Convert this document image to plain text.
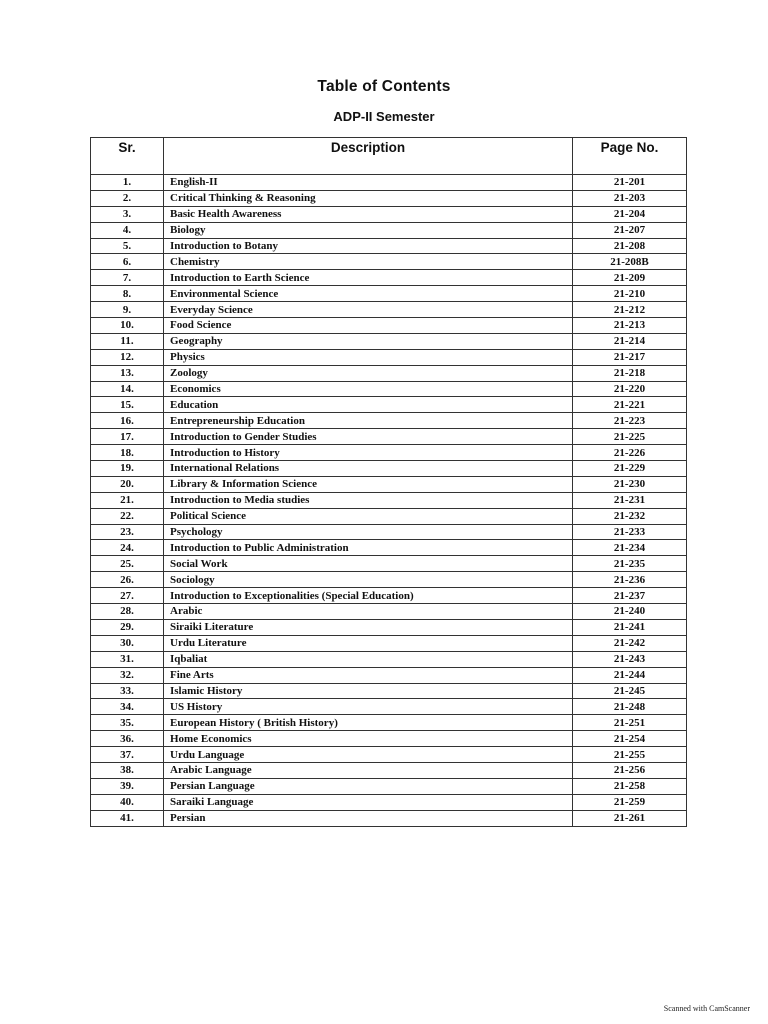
Table of Contents
ADP-II Semester
Sr.	Description	Page No.
1.	English-II	21-201
2.	Critical Thinking & Reasoning	21-203
3.	Basic Health Awareness	21-204
4.	Biology	21-207
5.	Introduction to Botany	21-208
6.	Chemistry	21-208B
7.	Introduction to Earth Science	21-209
8.	Environmental Science	21-210
9.	Everyday Science	21-212
10.	Food Science	21-213
11.	Geography	21-214
12.	Physics	21-217
13.	Zoology	21-218
14.	Economics	21-220
15.	Education	21-221
16.	Entrepreneurship Education	21-223
17.	Introduction to Gender Studies	21-225
18.	Introduction to History	21-226
19.	International Relations	21-229
20.	Library & Information Science	21-230
21.	Introduction to Media studies	21-231
22.	Political Science	21-232
23.	Psychology	21-233
24.	Introduction to Public Administration	21-234
25.	Social Work	21-235
26.	Sociology	21-236
27.	Introduction to Exceptionalities (Special Education)	21-237
28.	Arabic	21-240
29.	Siraiki Literature	21-241
30.	Urdu Literature	21-242
31.	Iqbaliat	21-243
32.	Fine Arts	21-244
33.	Islamic History	21-245
34.	US History	21-248
35.	European History ( British History)	21-251
36.	Home Economics	21-254
37.	Urdu Language	21-255
38.	Arabic Language	21-256
39.	Persian Language	21-258
40.	Saraiki Language	21-259
41.	Persian	21-261
Scanned with CamScanner
